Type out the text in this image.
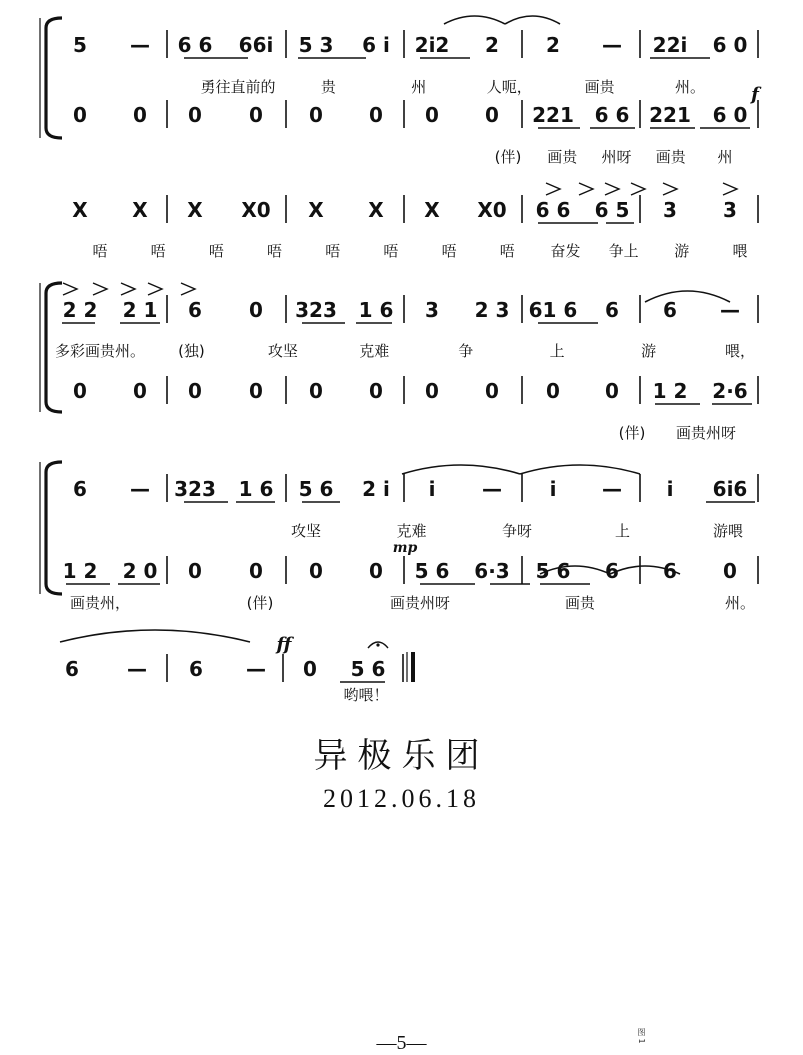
5 — 6 6 66i 5 3 6 i 2i2 2 2 — 22i 6 0
勇往直前的	贵	州	人呃，	画贵	州。
0 0 0 0 0 0 0 0 221 6 6 221 6 0
(伴) 画贵 州呀 画贵 州
X X X X0 X X X X0 6 6 6 5 3 3
唔	唔	唔	唔	唔	唔	唔	唔 奋发 争上 游	喂
2 2 2 1 6 0 323 1 6 3 2 3 61 6 6 6 —
多彩画贵州。 (独)	攻坚	克难	争	上	游	喂，
0 0 0 0 0 0 0 0 0 0 1 2 2·6
(伴) 画贵州呀
6 — 323 1 6 5 6 2 i i — i — i 6i6
攻坚	克难	争呀	上	游喂
1 2 2 0 0 0 0 0 5 6 6·3 5 6 6 6 0
画贵州，	(伴)	画贵州呀	画贵	州。
6 — 6 — 0 5 6
哟喂！
f
mp
ff
异极乐团
2012.06.18
—5—	图 1
